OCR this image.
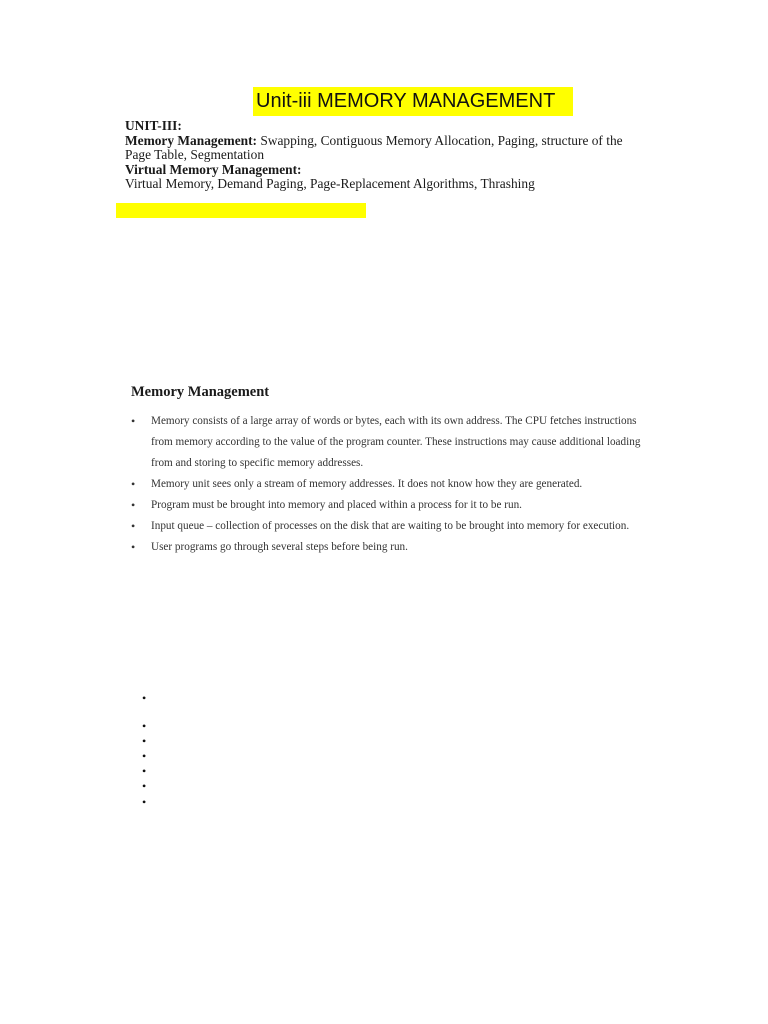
Unit-iii MEMORY MANAGEMENT
UNIT-III:
Memory Management: Swapping, Contiguous Memory Allocation, Paging, structure of the
Page Table, Segmentation
Virtual Memory Management:
Virtual Memory, Demand Paging, Page-Replacement Algorithms, Thrashing
Memory Management
• Memory consists of a large array of words or bytes, each with its own address. The CPU fetches instructions from memory according to the value of the program counter. These instructions may cause additional loading from and storing to specific memory addresses.
• Memory unit sees only a stream of memory addresses. It does not know how they are generated.
• Program must be brought into memory and placed within a process for it to be run.
• Input queue – collection of processes on the disk that are waiting to be brought into memory for execution.
• User programs go through several steps before being run.
•
•
•
•
•
•
•
